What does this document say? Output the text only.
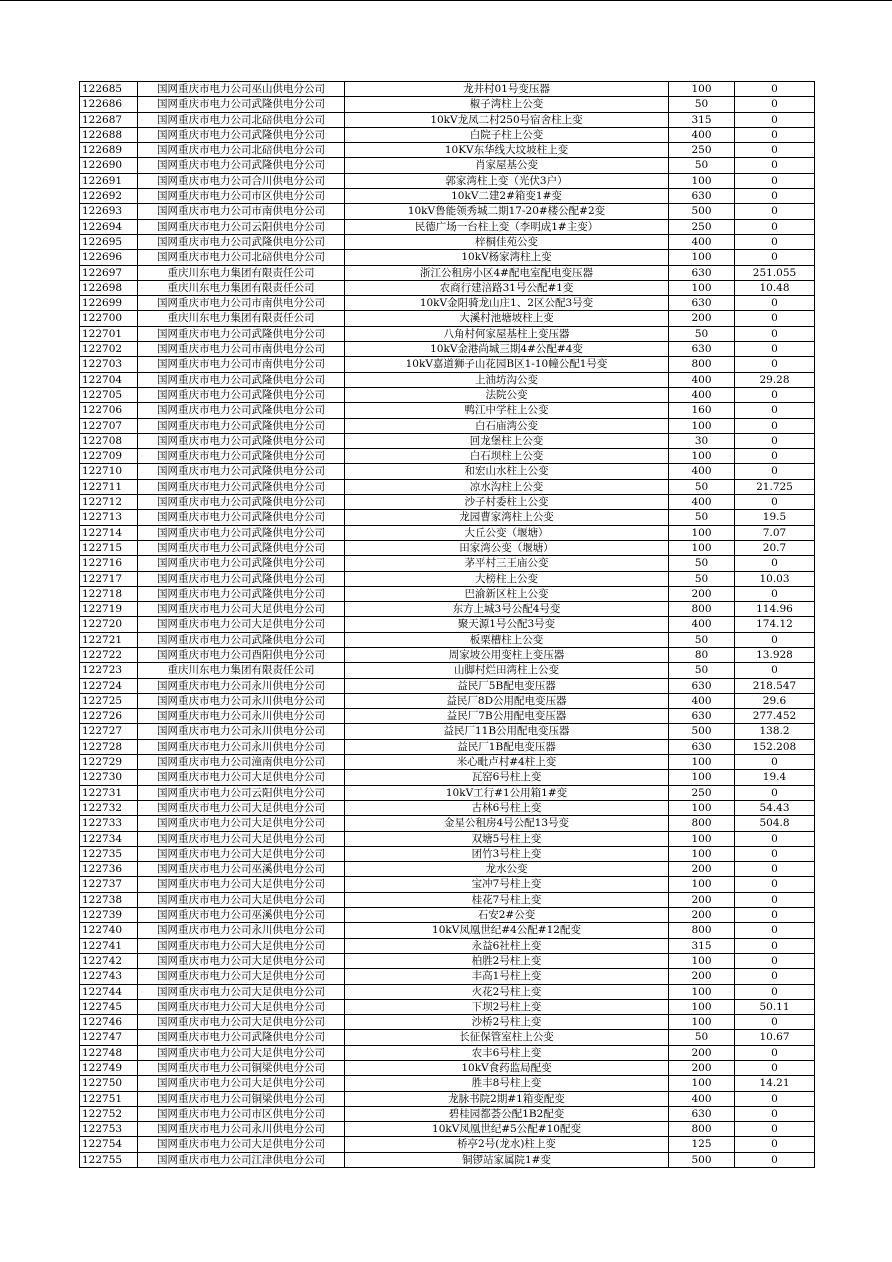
122685	国网重庆市电力公司巫山供电分公司	龙井村01号变压器	100	0
122686	国网重庆市电力公司武隆供电分公司	椒子湾柱上公变	50	0
122687	国网重庆市电力公司北碚供电分公司	10kV龙凤二村250号宿舍柱上变	315	0
122688	国网重庆市电力公司武隆供电分公司	白院子柱上公变	400	0
122689	国网重庆市电力公司北碚供电分公司	10KV东华线大坟坡柱上变	250	0
122690	国网重庆市电力公司武隆供电分公司	肖家屋基公变	50	0
122691	国网重庆市电力公司合川供电分公司	郭家湾柱上变（光伏3户）	100	0
122692	国网重庆市电力公司市区供电分公司	10kV二建2#箱变1#变	630	0
122693	国网重庆市电力公司市南供电分公司	10kV鲁能领秀城二期17-20#楼公配#2变	500	0
122694	国网重庆市电力公司云阳供电分公司	民德广场一台柱上变（李明成1#主变）	250	0
122695	国网重庆市电力公司武隆供电分公司	梓桐佳苑公变	400	0
122696	国网重庆市电力公司北碚供电分公司	10kV杨家湾柱上变	100	0
122697	重庆川东电力集团有限责任公司	浙江公租房小区4#配电室配电变压器	630	251.055
122698	重庆川东电力集团有限责任公司	农商行建涪路31号公配#1变	100	10.48
122699	国网重庆市电力公司市南供电分公司	10kV金阳骑龙山庄1、2区公配3号变	630	0
122700	重庆川东电力集团有限责任公司	大溪村池塘坡柱上变	200	0
122701	国网重庆市电力公司武隆供电分公司	八角村何家屋基柱上变压器	50	0
122702	国网重庆市电力公司市南供电分公司	10kV金港尚城三期4#公配#4变	630	0
122703	国网重庆市电力公司市南供电分公司	10kV嘉道狮子山花园B区1-10幢公配1号变	800	0
122704	国网重庆市电力公司武隆供电分公司	上油坊沟公变	400	29.28
122705	国网重庆市电力公司武隆供电分公司	法院公变	400	0
122706	国网重庆市电力公司武隆供电分公司	鸭江中学柱上公变	160	0
122707	国网重庆市电力公司武隆供电分公司	白石庙湾公变	100	0
122708	国网重庆市电力公司武隆供电分公司	回龙堡柱上公变	30	0
122709	国网重庆市电力公司武隆供电分公司	白石坝柱上公变	100	0
122710	国网重庆市电力公司武隆供电分公司	和宏山水柱上公变	400	0
122711	国网重庆市电力公司武隆供电分公司	凉水沟柱上公变	50	21.725
122712	国网重庆市电力公司武隆供电分公司	沙子村委柱上公变	400	0
122713	国网重庆市电力公司武隆供电分公司	龙园曹家湾柱上公变	50	19.5
122714	国网重庆市电力公司武隆供电分公司	大丘公变（堰塘）	100	7.07
122715	国网重庆市电力公司武隆供电分公司	田家湾公变（堰塘）	100	20.7
122716	国网重庆市电力公司武隆供电分公司	茅平村三王庙公变	50	0
122717	国网重庆市电力公司武隆供电分公司	大榜柱上公变	50	10.03
122718	国网重庆市电力公司武隆供电分公司	巴渝新区柱上公变	200	0
122719	国网重庆市电力公司大足供电分公司	东方上城3号公配4号变	800	114.96
122720	国网重庆市电力公司大足供电分公司	聚天源1号公配3号变	400	174.12
122721	国网重庆市电力公司武隆供电分公司	板栗槽柱上公变	50	0
122722	国网重庆市电力公司酉阳供电分公司	周家坡公用变柱上变压器	80	13.928
122723	重庆川东电力集团有限责任公司	山脚村烂田湾柱上公变	50	0
122724	国网重庆市电力公司永川供电分公司	益民厂5B配电变压器	630	218.547
122725	国网重庆市电力公司永川供电分公司	益民厂8D公用配电变压器	400	29.6
122726	国网重庆市电力公司永川供电分公司	益民厂7B公用配电变压器	630	277.452
122727	国网重庆市电力公司永川供电分公司	益民厂11B公用配电变压器	500	138.2
122728	国网重庆市电力公司永川供电分公司	益民厂1B配电变压器	630	152.208
122729	国网重庆市电力公司潼南供电分公司	米心毗卢村#4柱上变	100	0
122730	国网重庆市电力公司大足供电分公司	瓦窑6号柱上变	100	19.4
122731	国网重庆市电力公司云阳供电分公司	10kV工行#1公用箱1#变	250	0
122732	国网重庆市电力公司大足供电分公司	古林6号柱上变	100	54.43
122733	国网重庆市电力公司大足供电分公司	金星公租房4号公配13号变	800	504.8
122734	国网重庆市电力公司大足供电分公司	双塘5号柱上变	100	0
122735	国网重庆市电力公司大足供电分公司	团竹3号柱上变	100	0
122736	国网重庆市电力公司巫溪供电分公司	龙水公变	200	0
122737	国网重庆市电力公司大足供电分公司	宝冲7号柱上变	100	0
122738	国网重庆市电力公司大足供电分公司	桂花7号柱上变	200	0
122739	国网重庆市电力公司巫溪供电分公司	石安2#公变	200	0
122740	国网重庆市电力公司永川供电分公司	10kV凤凰世纪#4公配#12配变	800	0
122741	国网重庆市电力公司大足供电分公司	永益6社柱上变	315	0
122742	国网重庆市电力公司大足供电分公司	柏胜2号柱上变	100	0
122743	国网重庆市电力公司大足供电分公司	丰高1号柱上变	200	0
122744	国网重庆市电力公司大足供电分公司	火花2号柱上变	100	0
122745	国网重庆市电力公司大足供电分公司	下坝2号柱上变	100	50.11
122746	国网重庆市电力公司大足供电分公司	沙桥2号柱上变	100	0
122747	国网重庆市电力公司武隆供电分公司	长征保管室柱上公变	50	10.67
122748	国网重庆市电力公司大足供电分公司	农丰6号柱上变	200	0
122749	国网重庆市电力公司铜梁供电分公司	10kV食药监局配变	200	0
122750	国网重庆市电力公司大足供电分公司	胜丰8号柱上变	100	14.21
122751	国网重庆市电力公司铜梁供电分公司	龙脉书院2期#1箱变配变	400	0
122752	国网重庆市电力公司市区供电分公司	碧桂园都荟公配1B2配变	630	0
122753	国网重庆市电力公司永川供电分公司	10kV凤凰世纪#5公配#10配变	800	0
122754	国网重庆市电力公司大足供电分公司	桥亭2号(龙水)柱上变	125	0
122755	国网重庆市电力公司江津供电分公司	铜锣站家属院1#变	500	0
